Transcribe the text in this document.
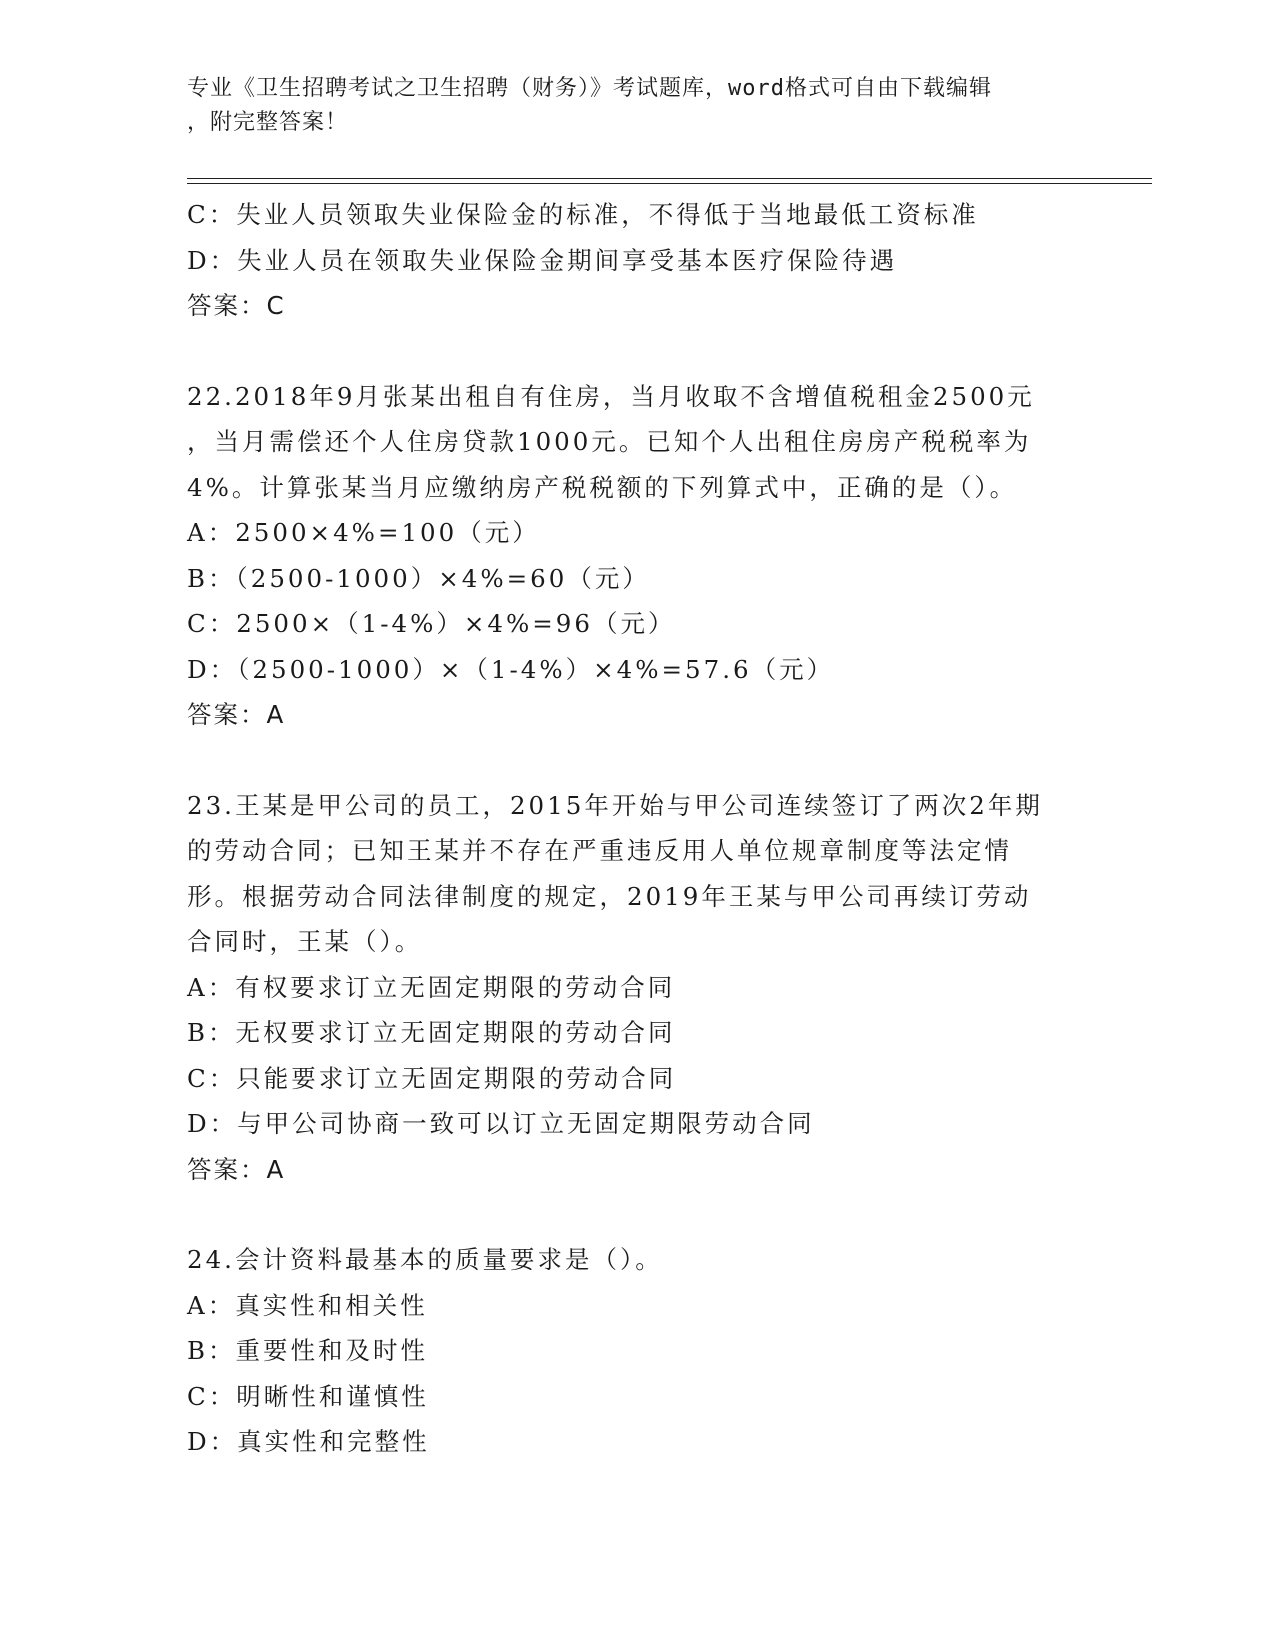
专业《卫生招聘考试之卫生招聘（财务）》考试题库，word格式可自由下载编辑
，附完整答案！
C：失业人员领取失业保险金的标准，不得低于当地最低工资标准
D：失业人员在领取失业保险金期间享受基本医疗保险待遇
答案：C
22.2018年9月张某出租自有住房，当月收取不含增值税租金2500元
，当月需偿还个人住房贷款1000元。已知个人出租住房房产税税率为
4%。计算张某当月应缴纳房产税税额的下列算式中，正确的是（）。
A：2500×4%=100（元）
B：（2500-1000）×4%=60（元）
C：2500×（1-4%）×4%=96（元）
D：（2500-1000）×（1-4%）×4%=57.6（元）
答案：A
23.王某是甲公司的员工，2015年开始与甲公司连续签订了两次2年期
的劳动合同；已知王某并不存在严重违反用人单位规章制度等法定情
形。根据劳动合同法律制度的规定，2019年王某与甲公司再续订劳动
合同时，王某（）。
A：有权要求订立无固定期限的劳动合同
B：无权要求订立无固定期限的劳动合同
C：只能要求订立无固定期限的劳动合同
D：与甲公司协商一致可以订立无固定期限劳动合同
答案：A
24.会计资料最基本的质量要求是（）。
A：真实性和相关性
B：重要性和及时性
C：明晰性和谨慎性
D：真实性和完整性
